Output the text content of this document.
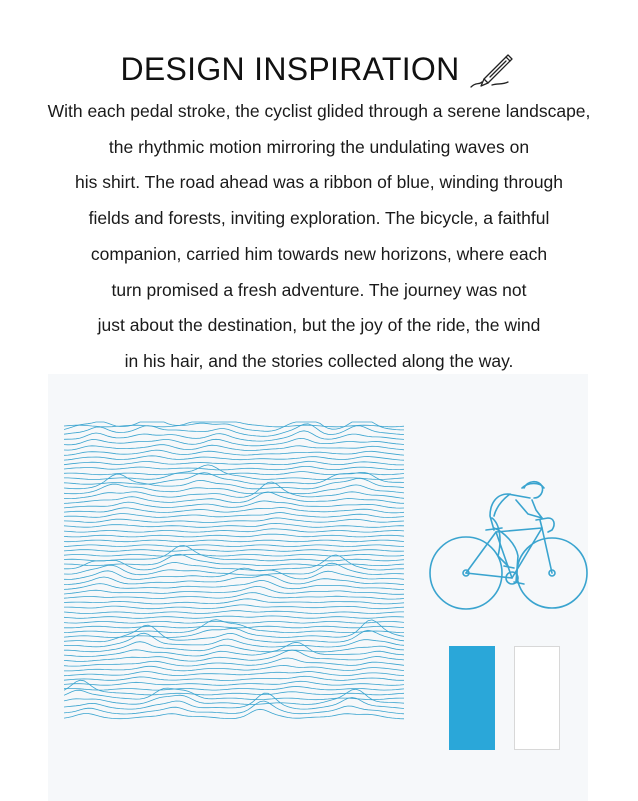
DESIGN INSPIRATION
With each pedal stroke, the cyclist glided through a serene landscape,
the rhythmic motion mirroring the undulating waves on
his shirt. The road ahead was a ribbon of blue, winding through
fields and forests, inviting exploration. The bicycle, a faithful
companion, carried him towards new horizons, where each
turn promised a fresh adventure. The journey was not
just about the destination, but the joy of the ride, the wind
in his hair, and the stories collected along the way.
